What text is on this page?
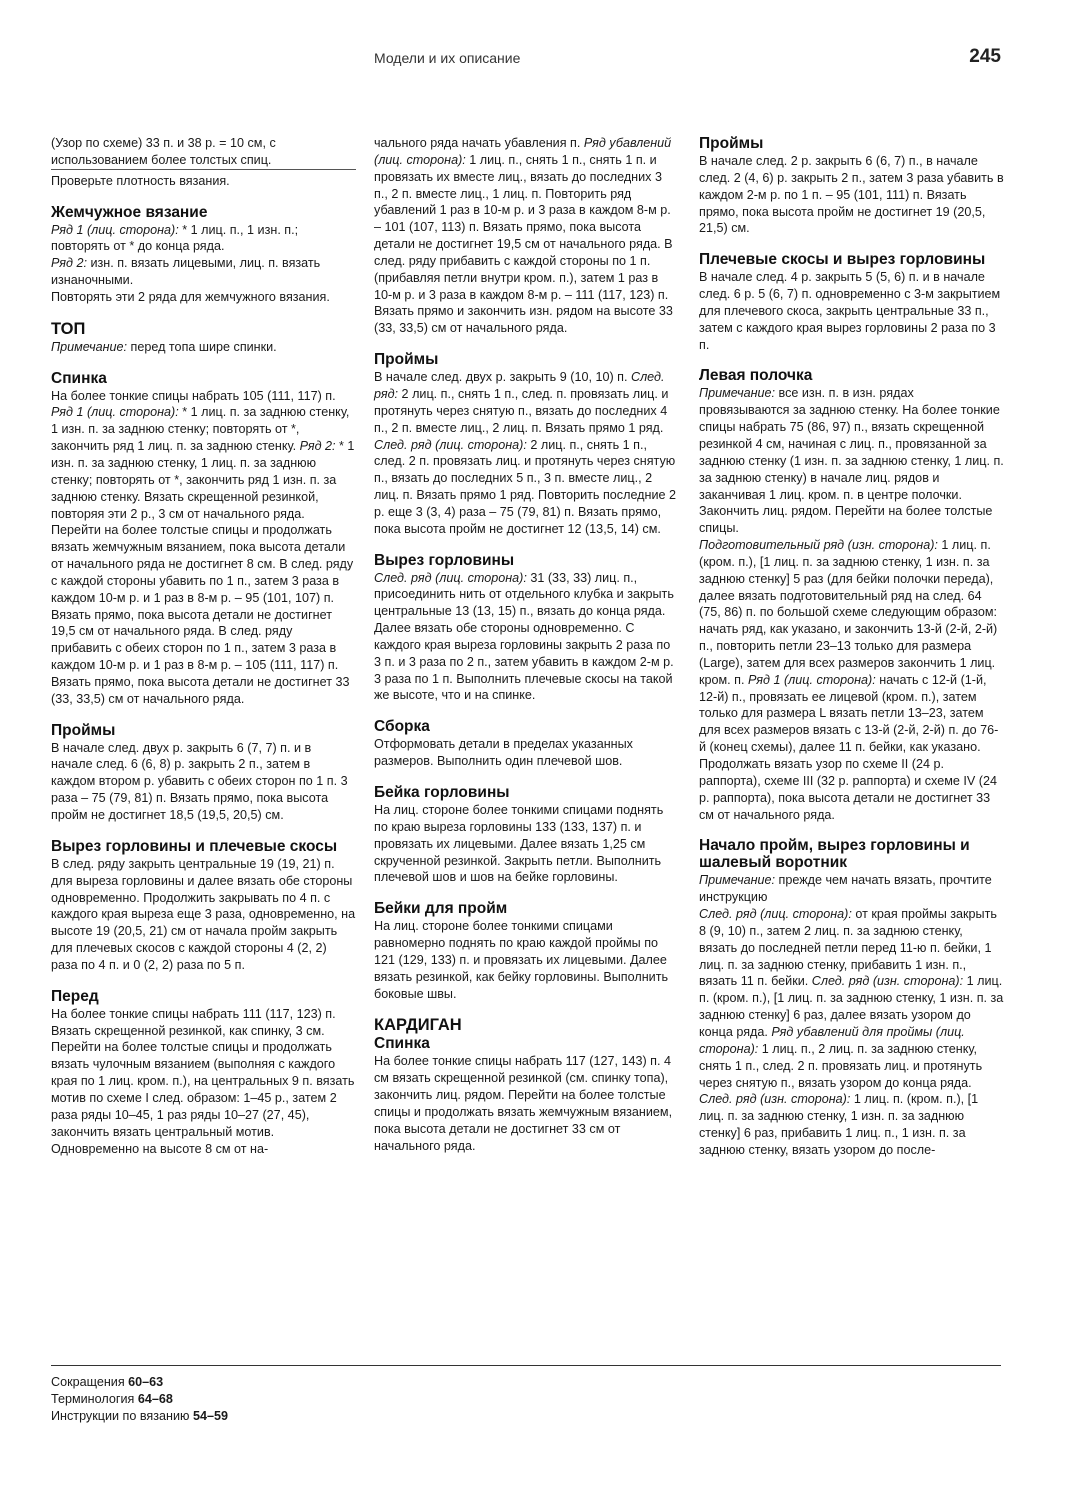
Модели и их описание	245

(Узор по схеме) 33 п. и 38 р. = 10 см, с использованием более толстых спиц.

Проверьте плотность вязания.

Жемчужное вязание

Ряд 1 (лиц. сторона): * 1 лиц. п., 1 изн. п.; повторять от * до конца ряда.

Ряд 2: изн. п. вязать лицевыми, лиц. п. вязать изнаночными.

Повторять эти 2 ряда для жемчужного вязания.

ТОП

Примечание: перед топа шире спинки.

Спинка

На более тонкие спицы набрать 105 (111, 117) п. Ряд 1 (лиц. сторона): * 1 лиц. п. за заднюю стенку, 1 изн. п. за заднюю стенку; повторять от *, закончить ряд 1 лиц. п. за заднюю стенку. Ряд 2: * 1 изн. п. за заднюю стенку, 1 лиц. п. за заднюю стенку; повторять от *, закончить ряд 1 изн. п. за заднюю стенку. Вязать скрещенной резинкой, повторяя эти 2 р., 3 см от начального ряда. Перейти на более толстые спицы и продолжать вязать жемчужным вязанием, пока высота детали от начального ряда не достигнет 8 см. В след. ряду с каждой стороны убавить по 1 п., затем 3 раза в каждом 10-м р. и 1 раз в 8-м р. – 95 (101, 107) п. Вязать прямо, пока высота детали не достигнет 19,5 см от начального ряда. В след. ряду прибавить с обеих сторон по 1 п., затем 3 раза в каждом 10-м р. и 1 раз в 8-м р. – 105 (111, 117) п. Вязать прямо, пока высота детали не достигнет 33 (33, 33,5) см от начального ряда.

Проймы

В начале след. двух р. закрыть 6 (7, 7) п. и в начале след. 6 (6, 8) р. закрыть 2 п., затем в каждом втором р. убавить с обеих сторон по 1 п. 3 раза – 75 (79, 81) п. Вязать прямо, пока высота пройм не достигнет 18,5 (19,5, 20,5) см.

Вырез горловины и плечевые скосы

В след. ряду закрыть центральные 19 (19, 21) п. для выреза горловины и далее вязать обе стороны одновременно. Продолжить закрывать по 4 п. с каждого края выреза еще 3 раза, одновременно, на высоте 19 (20,5, 21) см от начала пройм закрыть для плечевых скосов с каждой стороны 4 (2, 2) раза по 4 п. и 0 (2, 2) раза по 5 п.

Перед

На более тонкие спицы набрать 111 (117, 123) п. Вязать скрещенной резинкой, как спинку, 3 см. Перейти на более толстые спицы и продолжать вязать чулочным вязанием (выполняя с каждого края по 1 лиц. кром. п.), на центральных 9 п. вязать мотив по схеме I след. образом: 1–45 р., затем 2 раза ряды 10–45, 1 раз ряды 10–27 (27, 45), закончить вязать центральный мотив. Одновременно на высоте 8 см от на-

чального ряда начать убавления п. Ряд убавлений (лиц. сторона): 1 лиц. п., снять 1 п., снять 1 п. и провязать их вместе лиц., вязать до последних 3 п., 2 п. вместе лиц., 1 лиц. п. Повторить ряд убавлений 1 раз в 10-м р. и 3 раза в каждом 8-м р. – 101 (107, 113) п. Вязать прямо, пока высота детали не достигнет 19,5 см от начального ряда. В след. ряду прибавить с каждой стороны по 1 п. (прибавляя петли внутри кром. п.), затем 1 раз в 10-м р. и 3 раза в каждом 8-м р. – 111 (117, 123) п. Вязать прямо и закончить изн. рядом на высоте 33 (33, 33,5) см от начального ряда.

Проймы

В начале след. двух р. закрыть 9 (10, 10) п. След. ряд: 2 лиц. п., снять 1 п., след. п. провязать лиц. и протянуть через снятую п., вязать до последних 4 п., 2 п. вместе лиц., 2 лиц. п. Вязать прямо 1 ряд. След. ряд (лиц. сторона): 2 лиц. п., снять 1 п., след. 2 п. провязать лиц. и протянуть через снятую п., вязать до последних 5 п., 3 п. вместе лиц., 2 лиц. п. Вязать прямо 1 ряд. Повторить последние 2 р. еще 3 (3, 4) раза – 75 (79, 81) п. Вязать прямо, пока высота пройм не достигнет 12 (13,5, 14) см.

Вырез горловины

След. ряд (лиц. сторона): 31 (33, 33) лиц. п., присоединить нить от отдельного клубка и закрыть центральные 13 (13, 15) п., вязать до конца ряда. Далее вязать обе стороны одновременно. С каждого края выреза горловины закрыть 2 раза по 3 п. и 3 раза по 2 п., затем убавить в каждом 2-м р. 3 раза по 1 п. Выполнить плечевые скосы на такой же высоте, что и на спинке.

Сборка

Отформовать детали в пределах указанных размеров. Выполнить один плечевой шов.

Бейка горловины

На лиц. стороне более тонкими спицами поднять по краю выреза горловины 133 (133, 137) п. и провязать их лицевыми. Далее вязать 1,25 см скрученной резинкой. Закрыть петли. Выполнить плечевой шов и шов на бейке горловины.

Бейки для пройм

На лиц. стороне более тонкими спицами равномерно поднять по краю каждой проймы по 121 (129, 133) п. и провязать их лицевыми. Далее вязать резинкой, как бейку горловины. Выполнить боковые швы.

КАРДИГАН
Спинка

На более тонкие спицы набрать 117 (127, 143) п. 4 см вязать скрещенной резинкой (см. спинку топа), закончить лиц. рядом. Перейти на более толстые спицы и продолжать вязать жемчужным вязанием, пока высота детали не достигнет 33 см от начального ряда.

Проймы

В начале след. 2 р. закрыть 6 (6, 7) п., в начале след. 2 (4, 6) р. закрыть 2 п., затем 3 раза убавить в каждом 2-м р. по 1 п. – 95 (101, 111) п. Вязать прямо, пока высота пройм не достигнет 19 (20,5, 21,5) см.

Плечевые скосы и вырез горловины

В начале след. 4 р. закрыть 5 (5, 6) п. и в начале след. 6 р. 5 (6, 7) п. одновременно с 3-м закрытием для плечевого скоса, закрыть центральные 33 п., затем с каждого края вырез горловины 2 раза по 3 п.

Левая полочка

Примечание: все изн. п. в изн. рядах провязываются за заднюю стенку. На более тонкие спицы набрать 75 (86, 97) п., вязать скрещенной резинкой 4 см, начиная с лиц. п., провязанной за заднюю стенку (1 изн. п. за заднюю стенку, 1 лиц. п. за заднюю стенку) в начале лиц. рядов и заканчивая 1 лиц. кром. п. в центре полочки. Закончить лиц. рядом. Перейти на более толстые спицы.

Подготовительный ряд (изн. сторона): 1 лиц. п. (кром. п.), [1 лиц. п. за заднюю стенку, 1 изн. п. за заднюю стенку] 5 раз (для бейки полочки переда), далее вязать подготовительный ряд на след. 64 (75, 86) п. по большой схеме следующим образом: начать ряд, как указано, и закончить 13-й (2-й, 2-й) п., повторить петли 23–13 только для размера (Large), затем для всех размеров закончить 1 лиц. кром. п. Ряд 1 (лиц. сторона): начать с 12-й (1-й, 12-й) п., провязать ее лицевой (кром. п.), затем только для размера L вязать петли 13–23, затем для всех размеров вязать с 13-й (2-й, 2-й) п. до 76-й (конец схемы), далее 11 п. бейки, как указано.

Продолжать вязать узор по схеме II (24 р. раппорта), схеме III (32 р. раппорта) и схеме IV (24 р. раппорта), пока высота детали не достигнет 33 см от начального ряда.

Начало пройм, вырез горловины и шалевый воротник

Примечание: прежде чем начать вязать, прочтите инструкцию

След. ряд (лиц. сторона): от края проймы закрыть 8 (9, 10) п., затем 2 лиц. п. за заднюю стенку, вязать до последней петли перед 11-ю п. бейки, 1 лиц. п. за заднюю стенку, прибавить 1 изн. п., вязать 11 п. бейки. След. ряд (изн. сторона): 1 лиц. п. (кром. п.), [1 лиц. п. за заднюю стенку, 1 изн. п. за заднюю стенку] 6 раз, далее вязать узором до конца ряда. Ряд убавлений для проймы (лиц. сторона): 1 лиц. п., 2 лиц. п. за заднюю стенку, снять 1 п., след. 2 п. провязать лиц. и протянуть через снятую п., вязать узором до конца ряда. След. ряд (изн. сторона): 1 лиц. п. (кром. п.), [1 лиц. п. за заднюю стенку, 1 изн. п. за заднюю стенку] 6 раз, прибавить 1 лиц. п., 1 изн. п. за заднюю стенку, вязать узором до после-

Сокращения 60–63
Терминология 64–68
Инструкции по вязанию 54–59
